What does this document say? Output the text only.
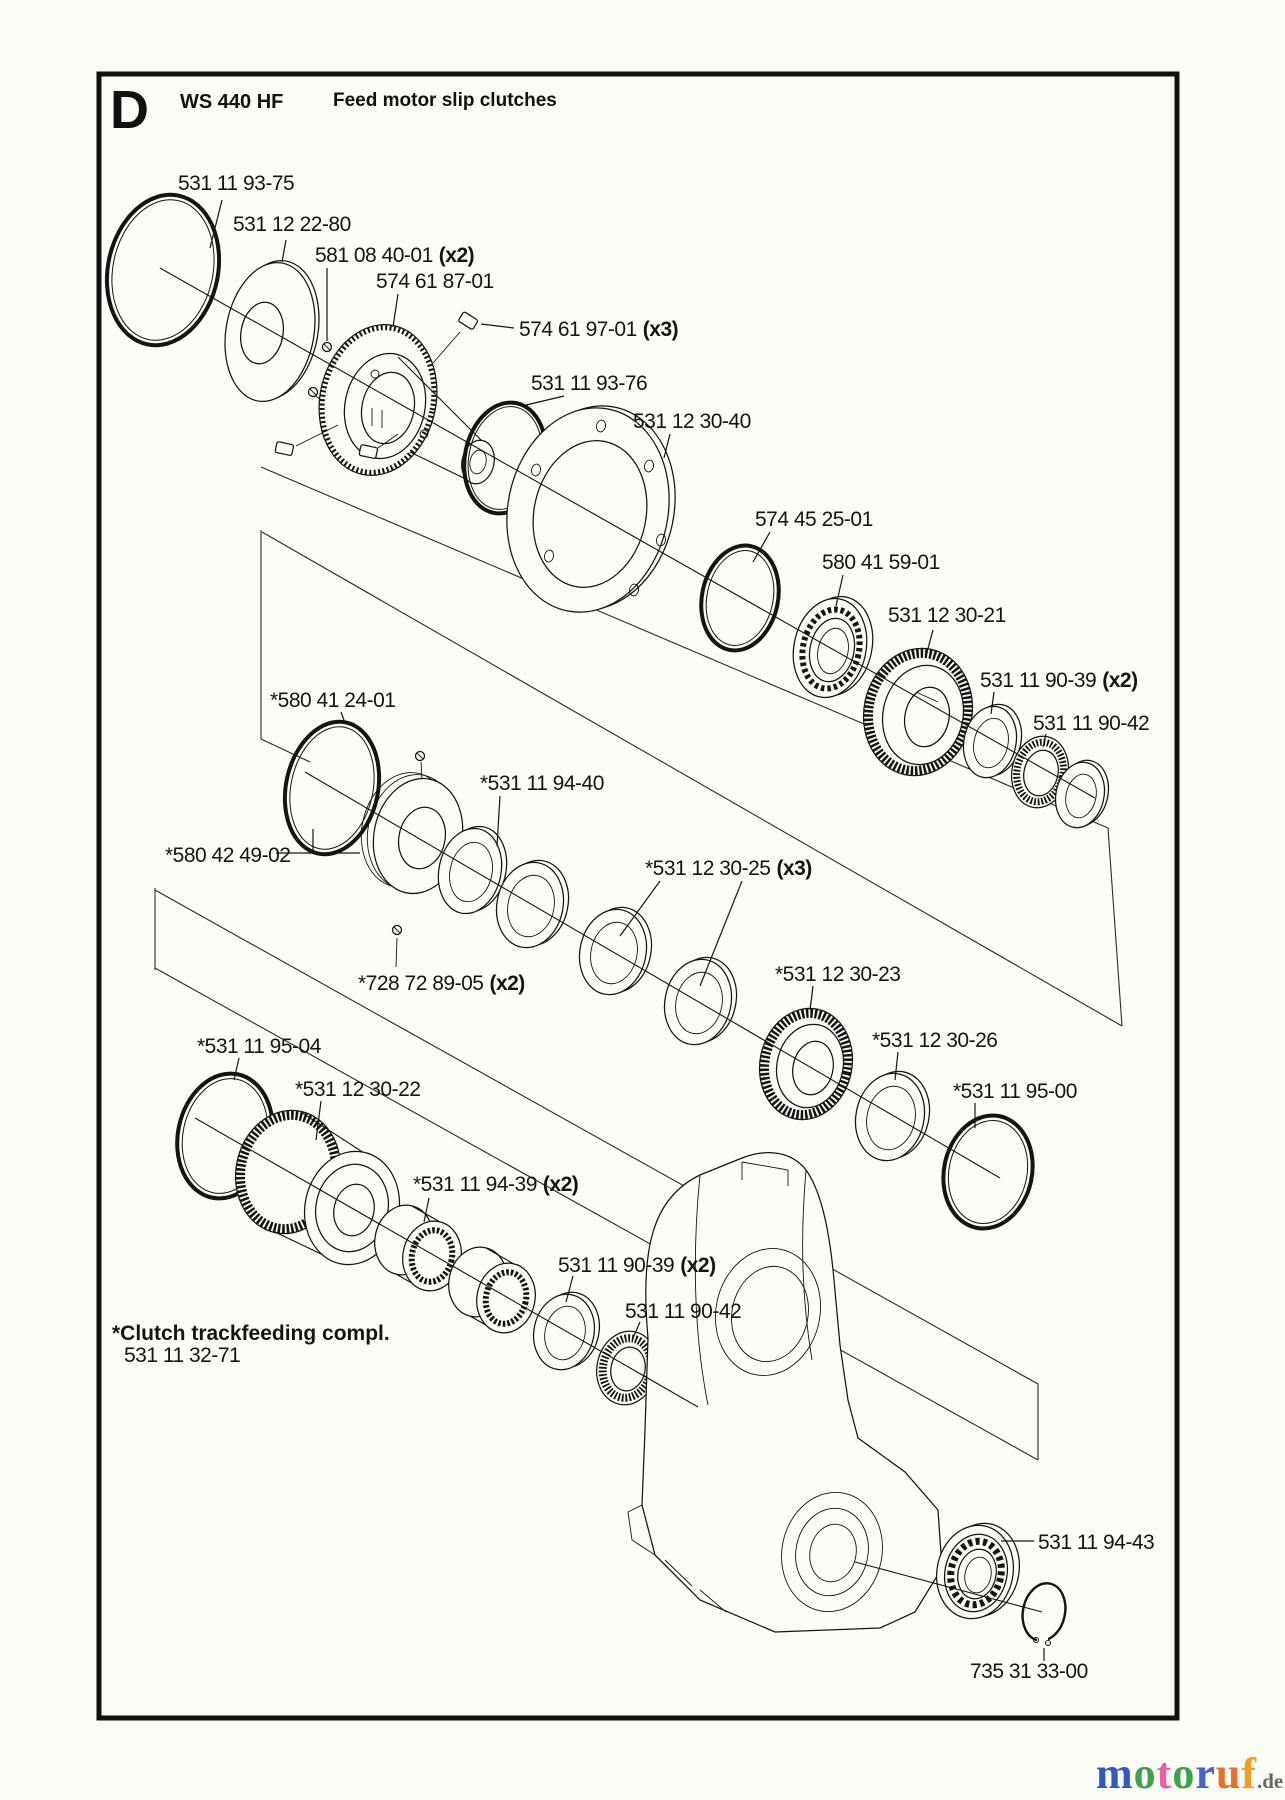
D WS 440 HF	Feed motor slip clutches
531 11 93-75
531 12 22-80
581 08 40-01 (x2)
574 61 87-01
574 61 97-01 (x3)
531 11 93-76
531 12 30-40
574 45 25-01
580 41 59-01
531 12 30-21
531 11 90-39 (x2)
531 11 90-42
*580 41 24-01
*531 11 94-40
*580 42 49-02
*531 12 30-25 (x3)
*728 72 89-05 (x2)	*531 12 30-23
*531 12 30-26
*531 11 95-00
*531 11 95-04
*531 12 30-22
*531 11 94-39 (x2)
531 11 90-39 (x2)
531 11 90-42
531 11 94-43
735 31 33-00
*Clutch trackfeeding compl.
531 11 32-71
motoruf.de
